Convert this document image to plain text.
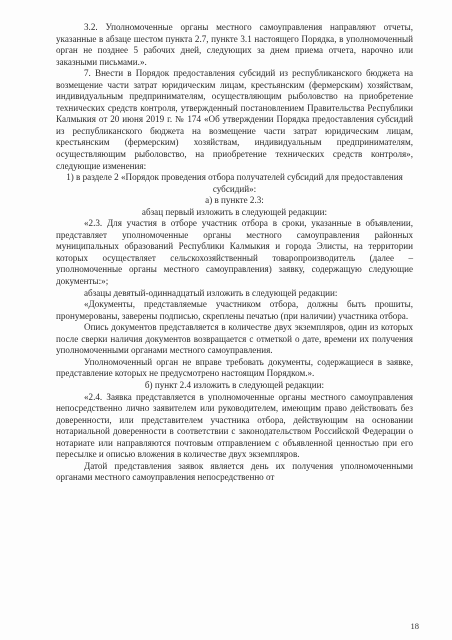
3.2. Уполномоченные органы местного самоуправления направляют отчеты, указанные в абзаце шестом пункта 2.7, пункте 3.1 настоящего Порядка, в уполномоченный орган не позднее 5 рабочих дней, следующих за днем приема отчета, нарочно или заказными письмами.».

7. Внести в Порядок предоставления субсидий из республиканского бюджета на возмещение части затрат юридическим лицам, крестьянским (фермерским) хозяйствам, индивидуальным предпринимателям, осуществляющим рыболовство на приобретение технических средств контроля, утвержденный постановлением Правительства Республики Калмыкия от 20 июня 2019 г. № 174 «Об утверждении Порядка предоставления субсидий из республиканского бюджета на возмещение части затрат юридическим лицам, крестьянским (фермерским) хозяйствам, индивидуальным предпринимателям, осуществляющим рыболовство, на приобретение технических средств контроля», следующие изменения:

1) в разделе 2 «Порядок проведения отбора получателей субсидий для предоставления субсидий»:

а) в пункте 2.3:

абзац первый изложить в следующей редакции:

«2.3. Для участия в отборе участник отбора в сроки, указанные в объявлении, представляет уполномоченные органы местного самоуправления районных муниципальных образований Республики Калмыкия и города Элисты, на территории которых осуществляет сельскохозяйственный товаропроизводитель (далее – уполномоченные органы местного самоуправления) заявку, содержащую следующие документы:»;

абзацы девятый-одиннадцатый изложить в следующей редакции:

«Документы, представляемые участником отбора, должны быть прошиты, пронумерованы, заверены подписью, скреплены печатью (при наличии) участника отбора.

Опись документов представляется в количестве двух экземпляров, один из которых после сверки наличия документов возвращается с отметкой о дате, времени их получения уполномоченными органами местного самоуправления.

Уполномоченный орган не вправе требовать документы, содержащиеся в заявке, представление которых не предусмотрено настоящим Порядком.».

б) пункт 2.4 изложить в следующей редакции:

«2.4. Заявка представляется в уполномоченные органы местного самоуправления непосредственно лично заявителем или руководителем, имеющим право действовать без доверенности, или представителем участника отбора, действующим на основании нотариальной доверенности в соответствии с законодательством Российской Федерации о нотариате или направляются почтовым отправлением с объявленной ценностью при его пересылке и описью вложения в количестве двух экземпляров.

Датой представления заявок является день их получения уполномоченными органами местного самоуправления непосредственно от

18
